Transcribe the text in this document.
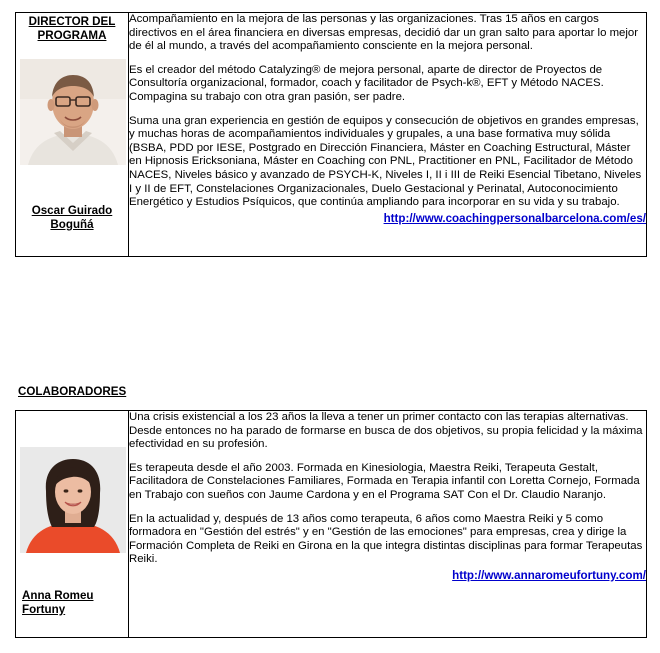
DIRECTOR DEL PROGRAMA
Oscar Guirado Boguñá

Acompañamiento en la mejora de las personas y las organizaciones. Tras 15 años en cargos directivos en el área financiera en diversas empresas, decidió dar un gran salto para aportar lo mejor de él al mundo, a través del acompañamiento consciente en la mejora personal.

Es el creador del método Catalyzing® de mejora personal, aparte de director de Proyectos de Consultoría organizacional, formador, coach y facilitador de Psych-k®, EFT y Método NACES. Compagina su trabajo con otra gran pasión, ser padre.

Suma una gran experiencia en gestión de equipos y consecución de objetivos en grandes empresas, y muchas horas de acompañamientos individuales y grupales, a una base formativa muy sólida (BSBA, PDD por IESE, Postgrado en Dirección Financiera, Máster en Coaching Estructural, Máster en Hipnosis Ericksoniana, Máster en Coaching con PNL, Practitioner en PNL, Facilitador de Método NACES, Niveles básico y avanzado de PSYCH-K, Niveles I, II i III de Reiki Esencial Tibetano, Niveles I y II de EFT, Constelaciones Organizacionales, Duelo Gestacional y Perinatal, Autoconocimiento Energético y Estudios Psíquicos, que continúa ampliando para incorporar en su vida y su trabajo.

http://www.coachingpersonalbarcelona.com/es/
COLABORADORES
Anna Romeu Fortuny

Una crisis existencial a los 23 años la lleva a tener un primer contacto con las terapias alternativas. Desde entonces no ha parado de formarse en busca de dos objetivos, su propia felicidad y la máxima efectividad en su profesión.

Es terapeuta desde el año 2003. Formada en Kinesiologia, Maestra Reiki, Terapeuta Gestalt, Facilitadora de Constelaciones Familiares, Formada en Terapia infantil con Loretta Cornejo, Formada en Trabajo con sueños con Jaume Cardona y en el Programa SAT Con el Dr. Claudio Naranjo.

En la actualidad y, después de 13 años como terapeuta, 6 años como Maestra Reiki y 5 como formadora en "Gestión del estrés" y en "Gestión de las emociones" para empresas, crea y dirige la Formación Completa de Reiki en Girona en la que integra distintas disciplinas para formar Terapeutas Reiki.

http://www.annaromeufortuny.com/
